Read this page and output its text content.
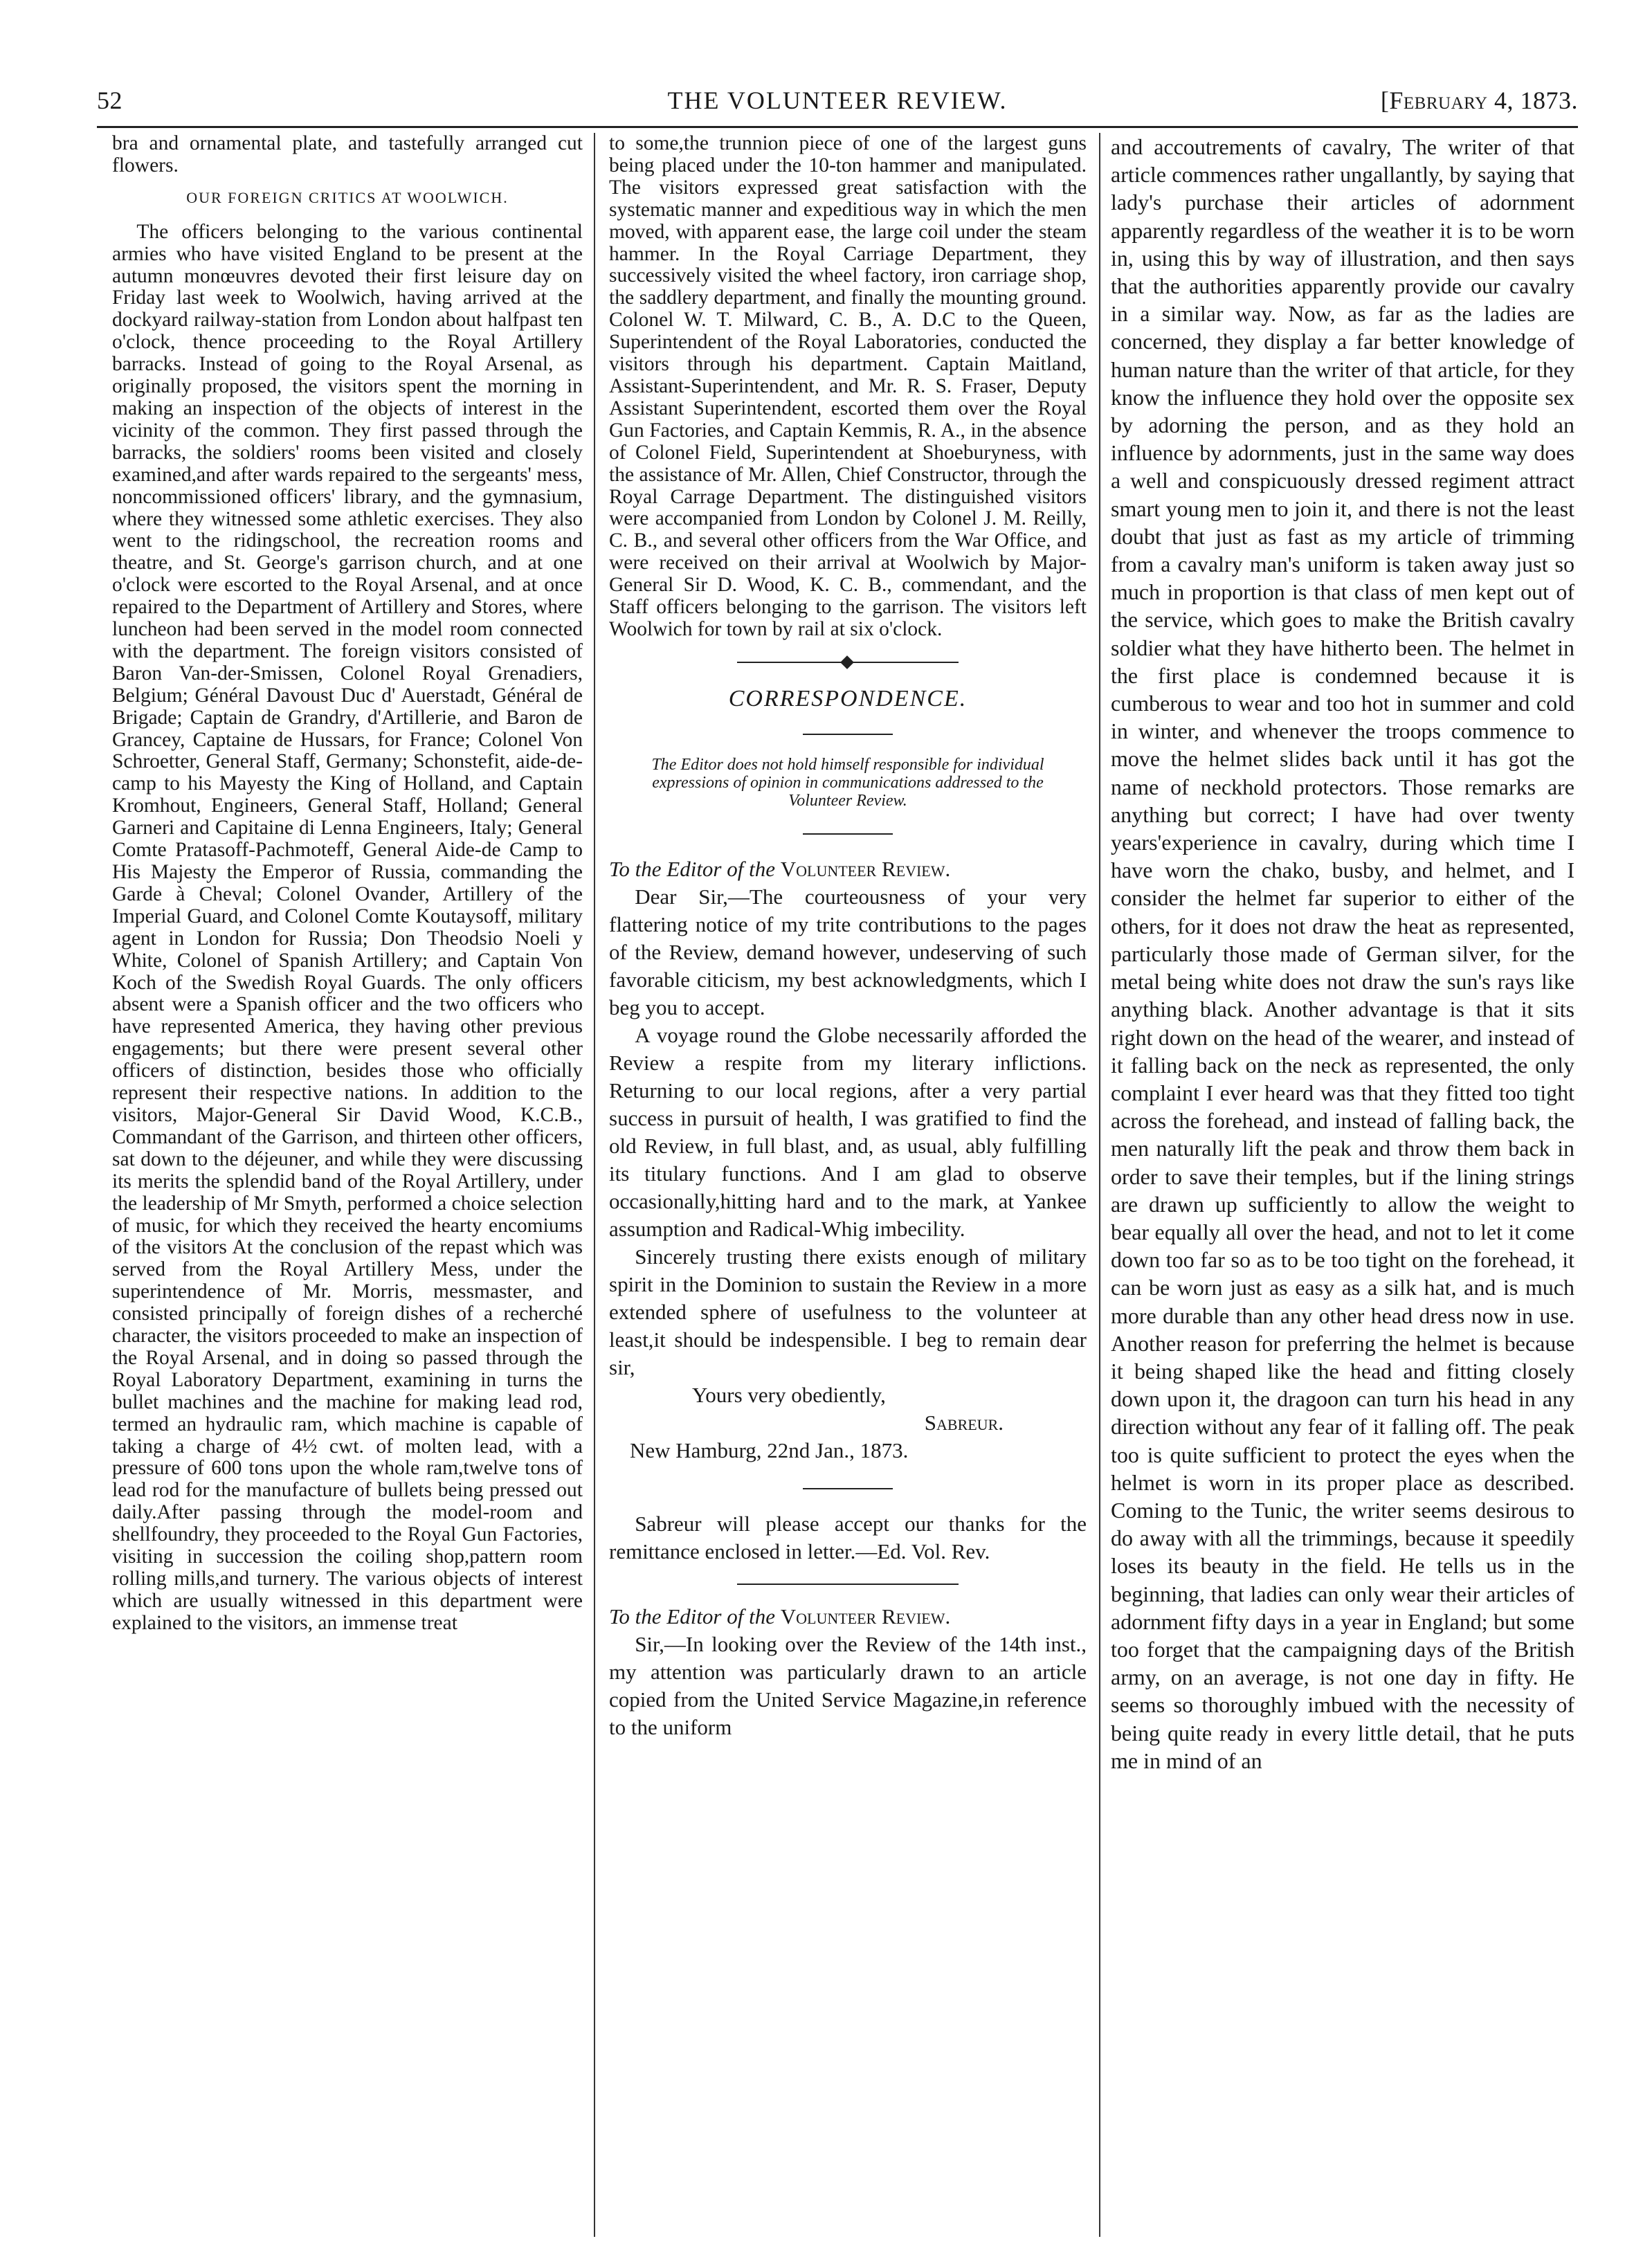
52	THE VOLUNTEER REVIEW.	[February 4, 1873.

bra and ornamental plate, and tastefully arranged cut flowers.

OUR FOREIGN CRITICS AT WOOLWICH.

The officers belonging to the various continental armies who have visited England to be present at the autumn monœuvres devoted their first leisure day on Friday last week to Woolwich, having arrived at the dockyard railway-station from London about halfpast ten o'clock, thence proceeding to the Royal Artillery barracks. Instead of going to the Royal Arsenal, as originally proposed, the visitors spent the morning in making an inspection of the objects of interest in the vicinity of the common. They first passed through the barracks, the soldiers' rooms been visited and closely examined,and after wards repaired to the sergeants' mess, noncommissioned officers' library, and the gymnasium, where they witnessed some athletic exercises. They also went to the ridingschool, the recreation rooms and theatre, and St. George's garrison church, and at one o'clock were escorted to the Royal Arsenal, and at once repaired to the Department of Artillery and Stores, where luncheon had been served in the model room connected with the department. The foreign visitors consisted of Baron Van-der-Smissen, Colonel Royal Grenadiers, Belgium; Général Davoust Duc d' Auerstadt, Général de Brigade; Captain de Grandry, d'Artillerie, and Baron de Grancey, Captaine de Hussars, for France; Colonel Von Schroetter, General Staff, Germany; Schonstefit, aide-de-camp to his Mayesty the King of Holland, and Captain Kromhout, Engineers, General Staff, Holland; General Garneri and Capitaine di Lenna Engineers, Italy; General Comte Pratasoff-Pachmoteff, General Aide-de Camp to His Majesty the Emperor of Russia, commanding the Garde à Cheval; Colonel Ovander, Artillery of the Imperial Guard, and Colonel Comte Koutaysoff, military agent in London for Russia; Don Theodsio Noeli y White, Colonel of Spanish Artillery; and Captain Von Koch of the Swedish Royal Guards. The only officers absent were a Spanish officer and the two officers who have represented America, they having other previous engagements; but there were present several other officers of distinction, besides those who officially represent their respective nations. In addition to the visitors, Major-General Sir David Wood, K.C.B., Commandant of the Garrison, and thirteen other officers, sat down to the déjeuner, and while they were discussing its merits the splendid band of the Royal Artillery, under the leadership of Mr Smyth, performed a choice selection of music, for which they received the hearty encomiums of the visitors At the conclusion of the repast which was served from the Royal Artillery Mess, under the superintendence of Mr. Morris, messmaster, and consisted principally of foreign dishes of a recherché character, the visitors proceeded to make an inspection of the Royal Arsenal, and in doing so passed through the Royal Laboratory Department, examining in turns the bullet machines and the machine for making lead rod, termed an hydraulic ram, which machine is capable of taking a charge of 4½ cwt. of molten lead, with a pressure of 600 tons upon the whole ram,twelve tons of lead rod for the manufacture of bullets being pressed out daily.After passing through the model-room and shellfoundry, they proceeded to the Royal Gun Factories, visiting in succession the coiling shop,pattern room rolling mills,and turnery. The various objects of interest which are usually witnessed in this department were explained to the visitors, an immense treat

to some,the trunnion piece of one of the largest guns being placed under the 10-ton hammer and manipulated. The visitors expressed great satisfaction with the systematic manner and expeditious way in which the men moved, with apparent ease, the large coil under the steam hammer. In the Royal Carriage Department, they successively visited the wheel factory, iron carriage shop, the saddlery department, and finally the mounting ground. Colonel W. T. Milward, C. B., A. D.C to the Queen, Superintendent of the Royal Laboratories, conducted the visitors through his department. Captain Maitland, Assistant-Superintendent, and Mr. R. S. Fraser, Deputy Assistant Superintendent, escorted them over the Royal Gun Factories, and Captain Kemmis, R. A., in the absence of Colonel Field, Superintendent at Shoeburyness, with the assistance of Mr. Allen, Chief Constructor, through the Royal Carrage Department. The distinguished visitors were accompanied from London by Colonel J. M. Reilly, C. B., and several other officers from the War Office, and were received on their arrival at Woolwich by Major-General Sir D. Wood, K. C. B., commendant, and the Staff officers belonging to the garrison. The visitors left Woolwich for town by rail at six o'clock.

CORRESPONDENCE.

The Editor does not hold himself responsible for individual expressions of opinion in communications addressed to the Volunteer Review.

To the Editor of the Volunteer Review.

Dear Sir,—The courteousness of your very flattering notice of my trite contributions to the pages of the Review, demand however, undeserving of such favorable citicism, my best acknowledgments, which I beg you to accept.

A voyage round the Globe necessarily afforded the Review a respite from my literary inflictions. Returning to our local regions, after a very partial success in pursuit of health, I was gratified to find the old Review, in full blast, and, as usual, ably fulfilling its titulary functions. And I am glad to observe occasionally,hitting hard and to the mark, at Yankee assumption and Radical-Whig imbecility.

Sincerely trusting there exists enough of military spirit in the Dominion to sustain the Review in a more extended sphere of usefulness to the volunteer at least,it should be indespensible. I beg to remain dear sir,

Yours very obediently,

Sabreur.

New Hamburg, 22nd Jan., 1873.

Sabreur will please accept our thanks for the remittance enclosed in letter.—Ed. Vol. Rev.

To the Editor of the Volunteer Review.

Sir,—In looking over the Review of the 14th inst., my attention was particularly drawn to an article copied from the United Service Magazine,in reference to the uniform

and accoutrements of cavalry, The writer of that article commences rather ungallantly, by saying that lady's purchase their articles of adornment apparently regardless of the weather it is to be worn in, using this by way of illustration, and then says that the authorities apparently provide our cavalry in a similar way. Now, as far as the ladies are concerned, they display a far better knowledge of human nature than the writer of that article, for they know the influence they hold over the opposite sex by adorning the person, and as they hold an influence by adornments, just in the same way does a well and conspicuously dressed regiment attract smart young men to join it, and there is not the least doubt that just as fast as my article of trimming from a cavalry man's uniform is taken away just so much in proportion is that class of men kept out of the service, which goes to make the British cavalry soldier what they have hitherto been. The helmet in the first place is condemned because it is cumberous to wear and too hot in summer and cold in winter, and whenever the troops commence to move the helmet slides back until it has got the name of neckhold protectors. Those remarks are anything but correct; I have had over twenty years'experience in cavalry, during which time I have worn the chako, busby, and helmet, and I consider the helmet far superior to either of the others, for it does not draw the heat as represented, particularly those made of German silver, for the metal being white does not draw the sun's rays like anything black. Another advantage is that it sits right down on the head of the wearer, and instead of it falling back on the neck as represented, the only complaint I ever heard was that they fitted too tight across the forehead, and instead of falling back, the men naturally lift the peak and throw them back in order to save their temples, but if the lining strings are drawn up sufficiently to allow the weight to bear equally all over the head, and not to let it come down too far so as to be too tight on the forehead, it can be worn just as easy as a silk hat, and is much more durable than any other head dress now in use. Another reason for preferring the helmet is because it being shaped like the head and fitting closely down upon it, the dragoon can turn his head in any direction without any fear of it falling off. The peak too is quite sufficient to protect the eyes when the helmet is worn in its proper place as described. Coming to the Tunic, the writer seems desirous to do away with all the trimmings, because it speedily loses its beauty in the field. He tells us in the beginning, that ladies can only wear their articles of adornment fifty days in a year in England; but some too forget that the campaigning days of the British army, on an average, is not one day in fifty. He seems so thoroughly imbued with the necessity of being quite ready in every little detail, that he puts me in mind of an
